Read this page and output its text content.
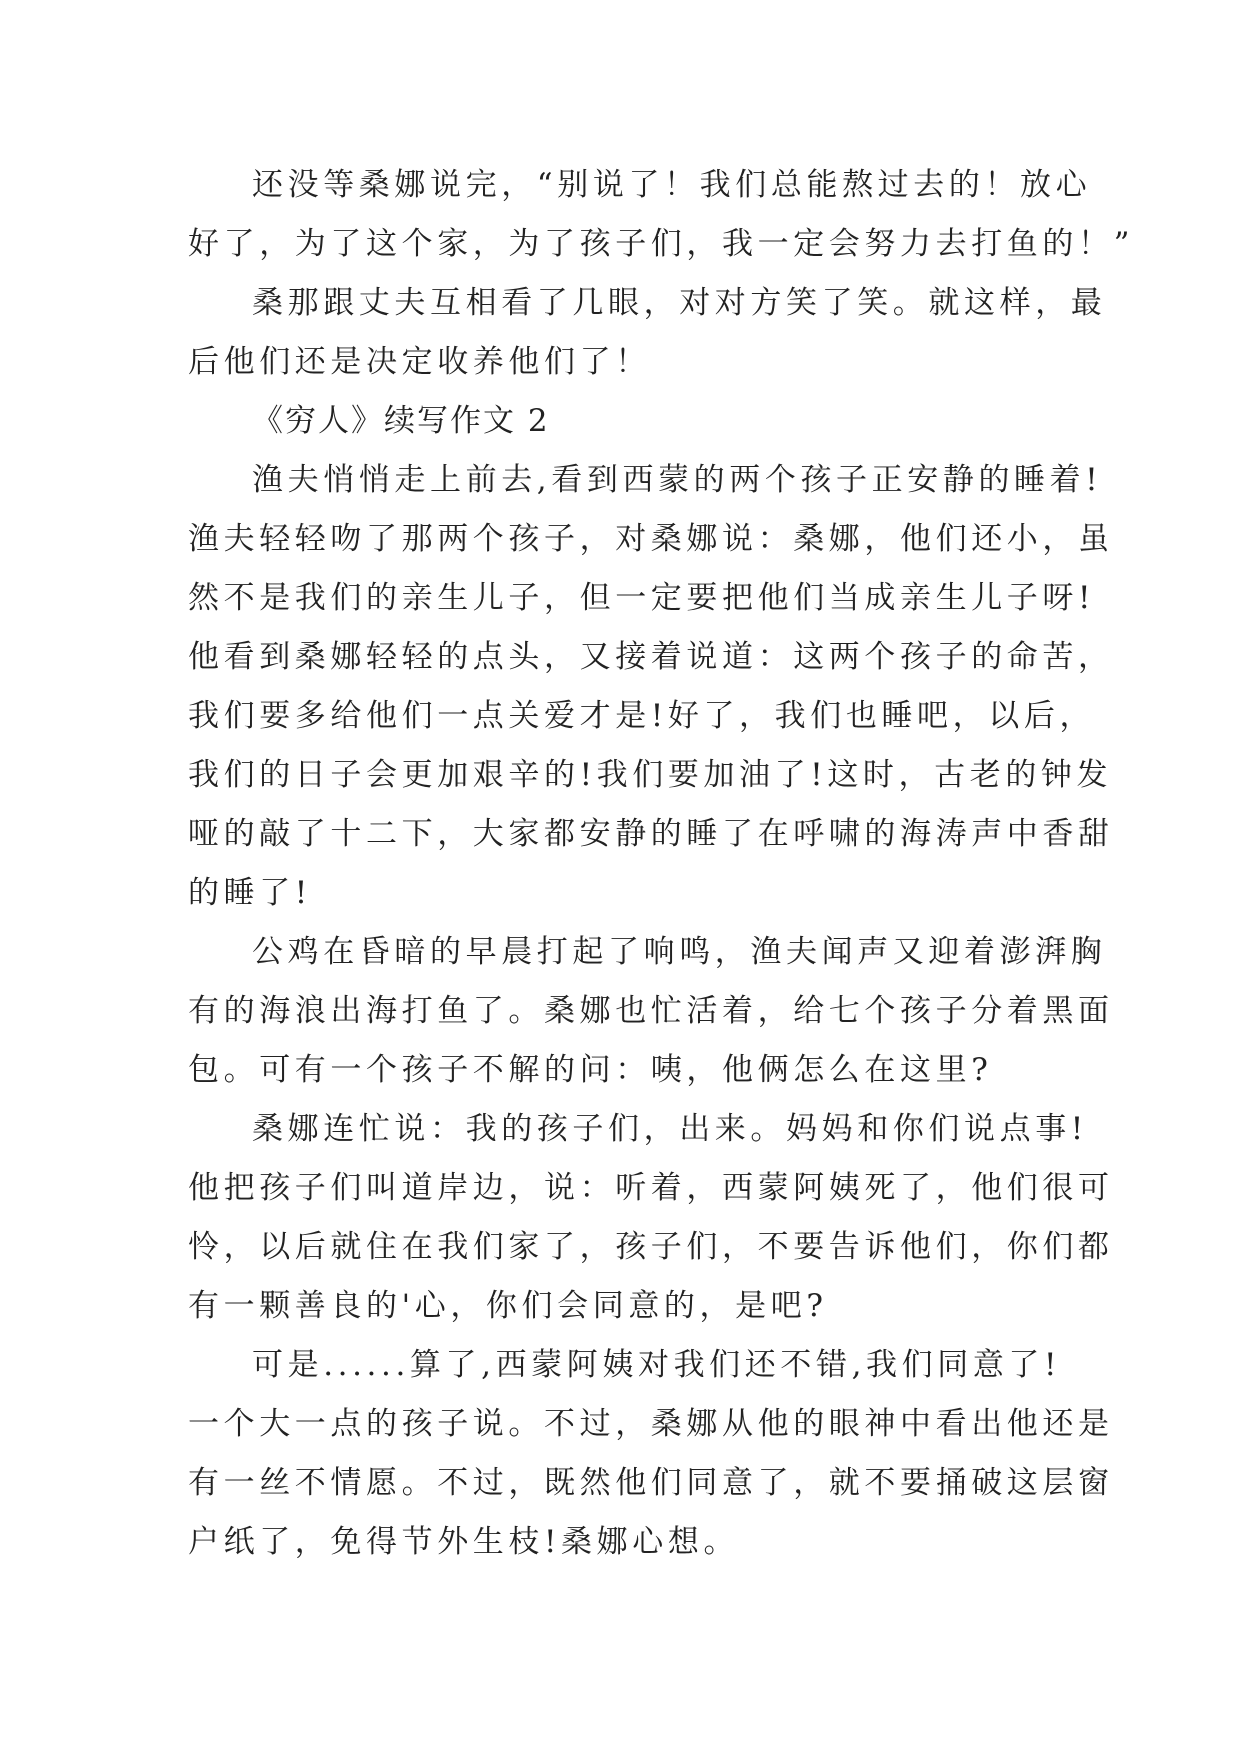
还没等桑娜说完，“别说了！我们总能熬过去的！放心
好了，为了这个家，为了孩子们，我一定会努力去打鱼的！”
桑那跟丈夫互相看了几眼，对对方笑了笑。就这样，最
后他们还是决定收养他们了！
《穷人》续写作文 2
渔夫悄悄走上前去,看到西蒙的两个孩子正安静的睡着!
渔夫轻轻吻了那两个孩子，对桑娜说：桑娜，他们还小，虽
然不是我们的亲生儿子，但一定要把他们当成亲生儿子呀!
他看到桑娜轻轻的点头，又接着说道：这两个孩子的命苦，
我们要多给他们一点关爱才是!好了，我们也睡吧，以后，
我们的日子会更加艰辛的!我们要加油了!这时，古老的钟发
哑的敲了十二下，大家都安静的睡了在呼啸的海涛声中香甜
的睡了!
公鸡在昏暗的早晨打起了响鸣，渔夫闻声又迎着澎湃胸
有的海浪出海打鱼了。桑娜也忙活着，给七个孩子分着黑面
包。可有一个孩子不解的问：咦，他俩怎么在这里?
桑娜连忙说：我的孩子们，出来。妈妈和你们说点事!
他把孩子们叫道岸边，说：听着，西蒙阿姨死了，他们很可
怜，以后就住在我们家了，孩子们，不要告诉他们，你们都
有一颗善良的'心，你们会同意的，是吧?
可是......算了,西蒙阿姨对我们还不错,我们同意了!
一个大一点的孩子说。不过，桑娜从他的眼神中看出他还是
有一丝不情愿。不过，既然他们同意了，就不要捅破这层窗
户纸了，免得节外生枝!桑娜心想。
